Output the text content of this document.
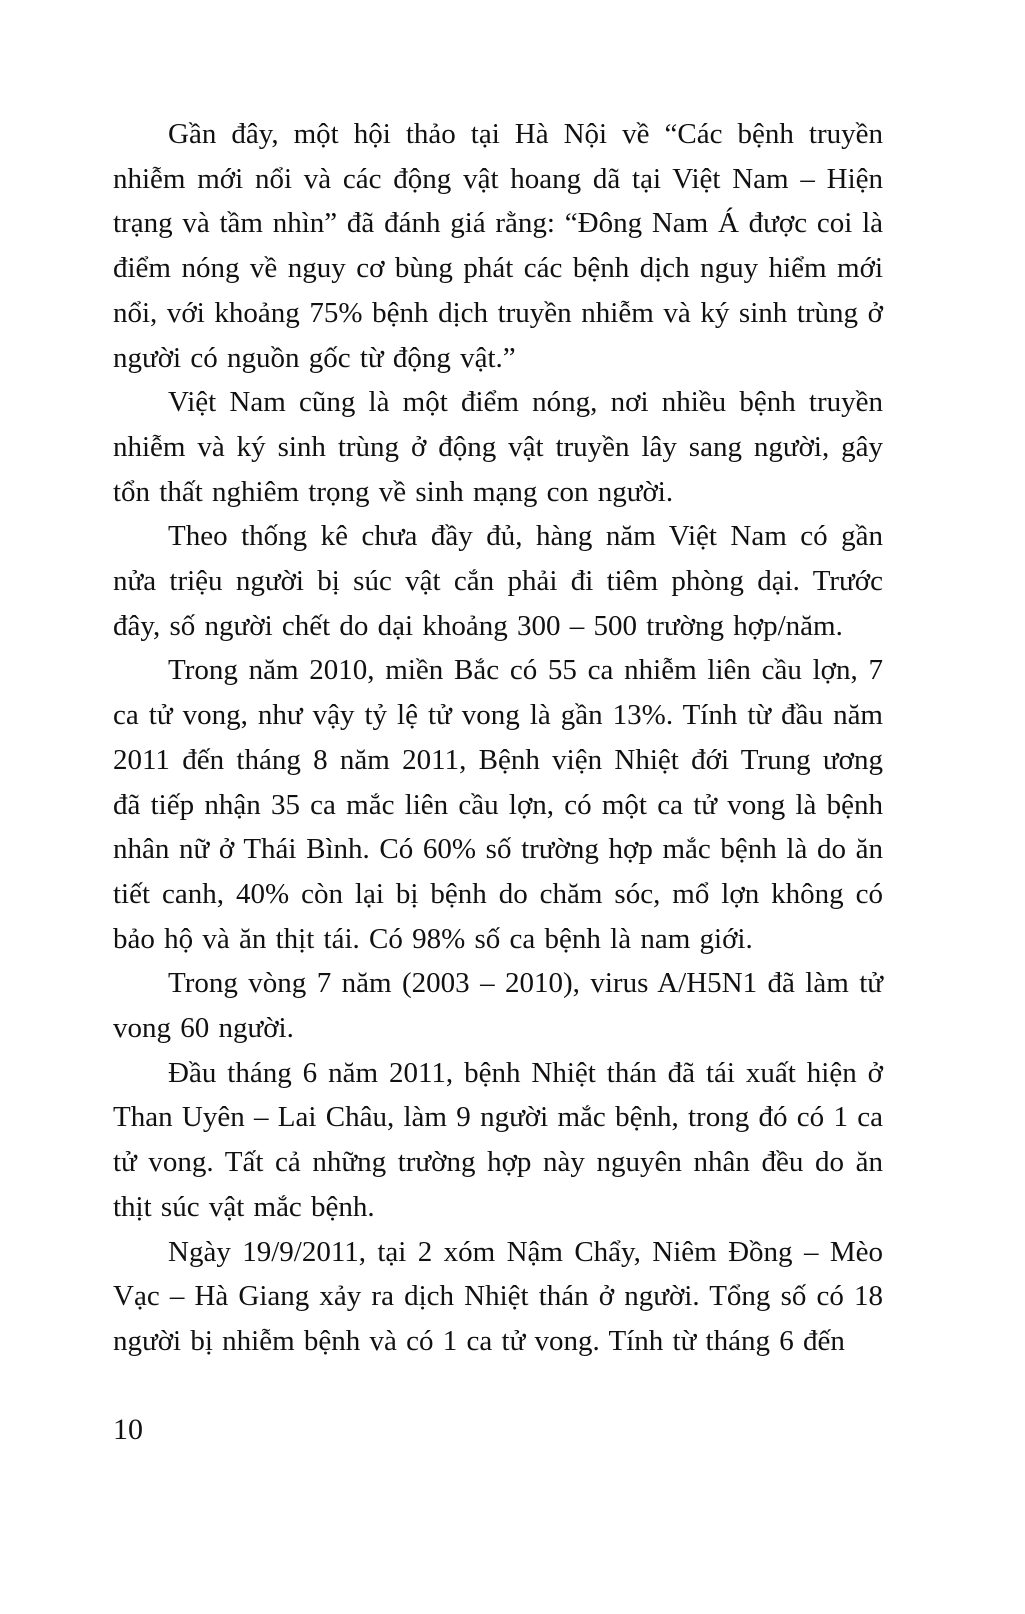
Gần đây, một hội thảo tại Hà Nội về “Các bệnh truyền nhiễm mới nổi và các động vật hoang dã tại Việt Nam – Hiện trạng và tầm nhìn” đã đánh giá rằng: “Đông Nam Á được coi là điểm nóng về nguy cơ bùng phát các bệnh dịch nguy hiểm mới nổi, với khoảng 75% bệnh dịch truyền nhiễm và ký sinh trùng ở người có nguồn gốc từ động vật.”

Việt Nam cũng là một điểm nóng, nơi nhiều bệnh truyền nhiễm và ký sinh trùng ở động vật truyền lây sang người, gây tổn thất nghiêm trọng về sinh mạng con người.

Theo thống kê chưa đầy đủ, hàng năm Việt Nam có gần nửa triệu người bị súc vật cắn phải đi tiêm phòng dại. Trước đây, số người chết do dại khoảng 300 – 500 trường hợp/năm.

Trong năm 2010, miền Bắc có 55 ca nhiễm liên cầu lợn, 7 ca tử vong, như vậy tỷ lệ tử vong là gần 13%. Tính từ đầu năm 2011 đến tháng 8 năm 2011, Bệnh viện Nhiệt đới Trung ương đã tiếp nhận 35 ca mắc liên cầu lợn, có một ca tử vong là bệnh nhân nữ ở Thái Bình. Có 60% số trường hợp mắc bệnh là do ăn tiết canh, 40% còn lại bị bệnh do chăm sóc, mổ lợn không có bảo hộ và ăn thịt tái. Có 98% số ca bệnh là nam giới.

Trong vòng 7 năm (2003 – 2010), virus A/H5N1 đã làm tử vong 60 người.

Đầu tháng 6 năm 2011, bệnh Nhiệt thán đã tái xuất hiện ở Than Uyên – Lai Châu, làm 9 người mắc bệnh, trong đó có 1 ca tử vong. Tất cả những trường hợp này nguyên nhân đều do ăn thịt súc vật mắc bệnh.

Ngày 19/9/2011, tại 2 xóm Nậm Chẩy, Niêm Đồng – Mèo Vạc – Hà Giang xảy ra dịch Nhiệt thán ở người. Tổng số có 18 người bị nhiễm bệnh và có 1 ca tử vong. Tính từ tháng 6 đến

10
